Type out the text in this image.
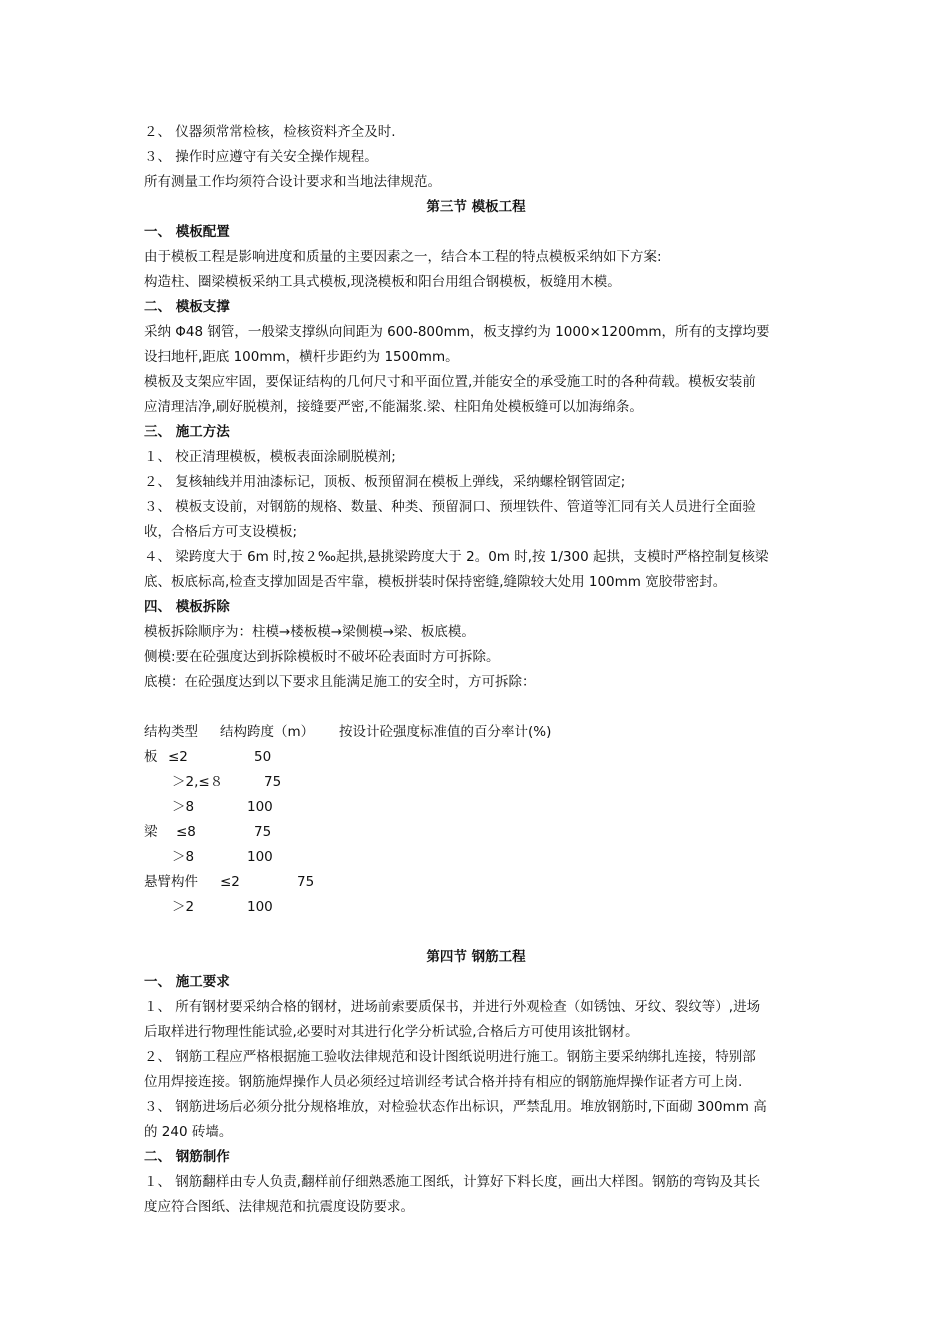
２、 仪器须常常检核，检核资料齐全及时.
３、 操作时应遵守有关安全操作规程。
所有测量工作均须符合设计要求和当地法律规范。
第三节 模板工程
一、 模板配置
由于模板工程是影响进度和质量的主要因素之一，结合本工程的特点模板采纳如下方案:
构造柱、圈梁模板采纳工具式模板,现浇模板和阳台用组合钢模板，板缝用木模。
二、 模板支撑
采纳 Φ48 钢管，一般梁支撑纵向间距为 600-800mm，板支撑约为 1000×1200mm，所有的支撑均要
设扫地杆,距底 100mm，横杆步距约为 1500mm。
模板及支架应牢固，要保证结构的几何尺寸和平面位置,并能安全的承受施工时的各种荷载。模板安装前
应清理洁净,刷好脱模剂，接缝要严密,不能漏浆.梁、柱阳角处模板缝可以加海绵条。
三、 施工方法
１、 校正清理模板，模板表面涂刷脱模剂;
２、 复核轴线并用油漆标记，顶板、板预留洞在模板上弹线，采纳螺栓钢管固定;
３、 模板支设前，对钢筋的规格、数量、种类、预留洞口、预埋铁件、管道等汇同有关人员进行全面验
收，合格后方可支设模板;
４、 梁跨度大于 6m 时,按２‰起拱,悬挑梁跨度大于 2。0m 时,按 1/300 起拱，支模时严格控制复核梁
底、板底标高,检查支撑加固是否牢靠，模板拼装时保持密缝,缝隙较大处用 100mm 宽胶带密封。
四、 模板拆除
模板拆除顺序为：柱模→楼板模→梁侧模→梁、板底模。
侧模:要在砼强度达到拆除模板时不破坏砼表面时方可拆除。
底模：在砼强度达到以下要求且能满足施工的安全时，方可拆除：
结构类型 结构跨度（m） 按设计砼强度标准值的百分率计(%)
板 ≤2	50
＞2,≤８	75
＞8	100
梁 ≤8	75
＞8	100
悬臂构件 ≤2	75
＞2	100
第四节 钢筋工程
一、 施工要求
１、 所有钢材要采纳合格的钢材，进场前索要质保书，并进行外观检查（如锈蚀、牙纹、裂纹等）,进场
后取样进行物理性能试验,必要时对其进行化学分析试验,合格后方可使用该批钢材。
２、 钢筋工程应严格根据施工验收法律规范和设计图纸说明进行施工。钢筋主要采纳绑扎连接，特别部
位用焊接连接。钢筋施焊操作人员必须经过培训经考试合格并持有相应的钢筋施焊操作证者方可上岗.
３、 钢筋进场后必须分批分规格堆放，对检验状态作出标识，严禁乱用。堆放钢筋时,下面砌 300mm 高
的 240 砖墙。
二、 钢筋制作
１、 钢筋翻样由专人负责,翻样前仔细熟悉施工图纸，计算好下料长度，画出大样图。钢筋的弯钩及其长
度应符合图纸、法律规范和抗震度设防要求。
